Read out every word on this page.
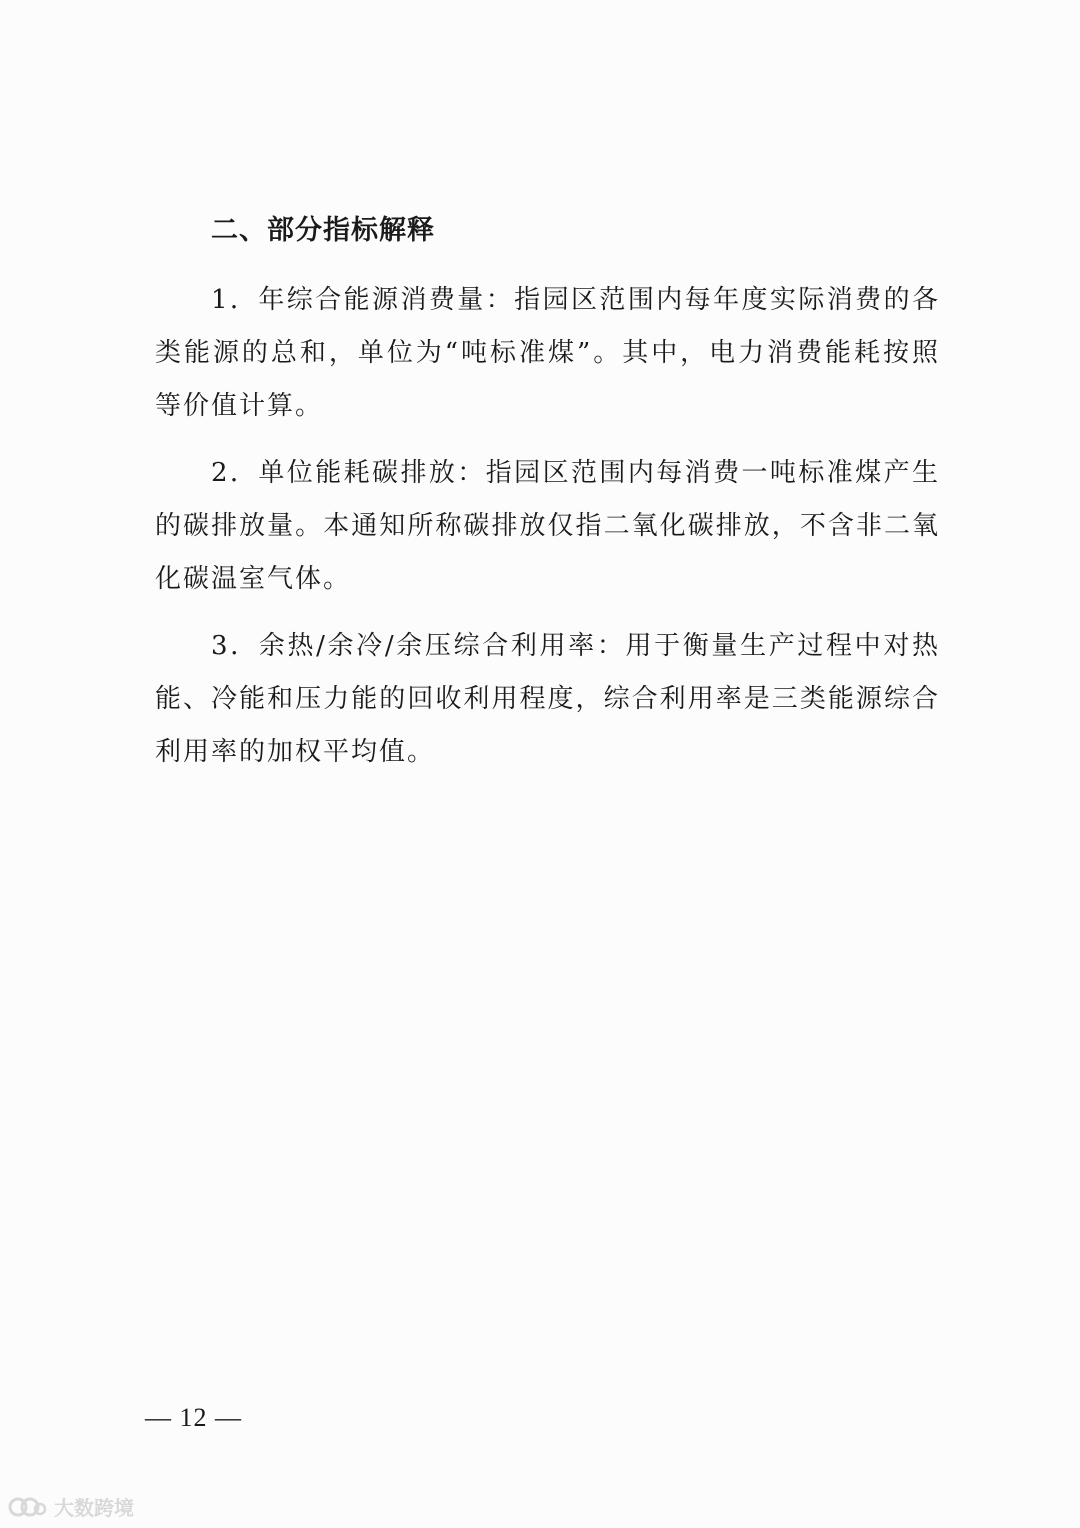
二、部分指标解释

1．年综合能源消费量：指园区范围内每年度实际消费的各类能源的总和，单位为“吨标准煤”。其中，电力消费能耗按照等价值计算。

2．单位能耗碳排放：指园区范围内每消费一吨标准煤产生的碳排放量。本通知所称碳排放仅指二氧化碳排放，不含非二氧化碳温室气体。

3．余热/余冷/余压综合利用率：用于衡量生产过程中对热能、冷能和压力能的回收利用程度，综合利用率是三类能源综合利用率的加权平均值。

— 12 —
大数跨境
